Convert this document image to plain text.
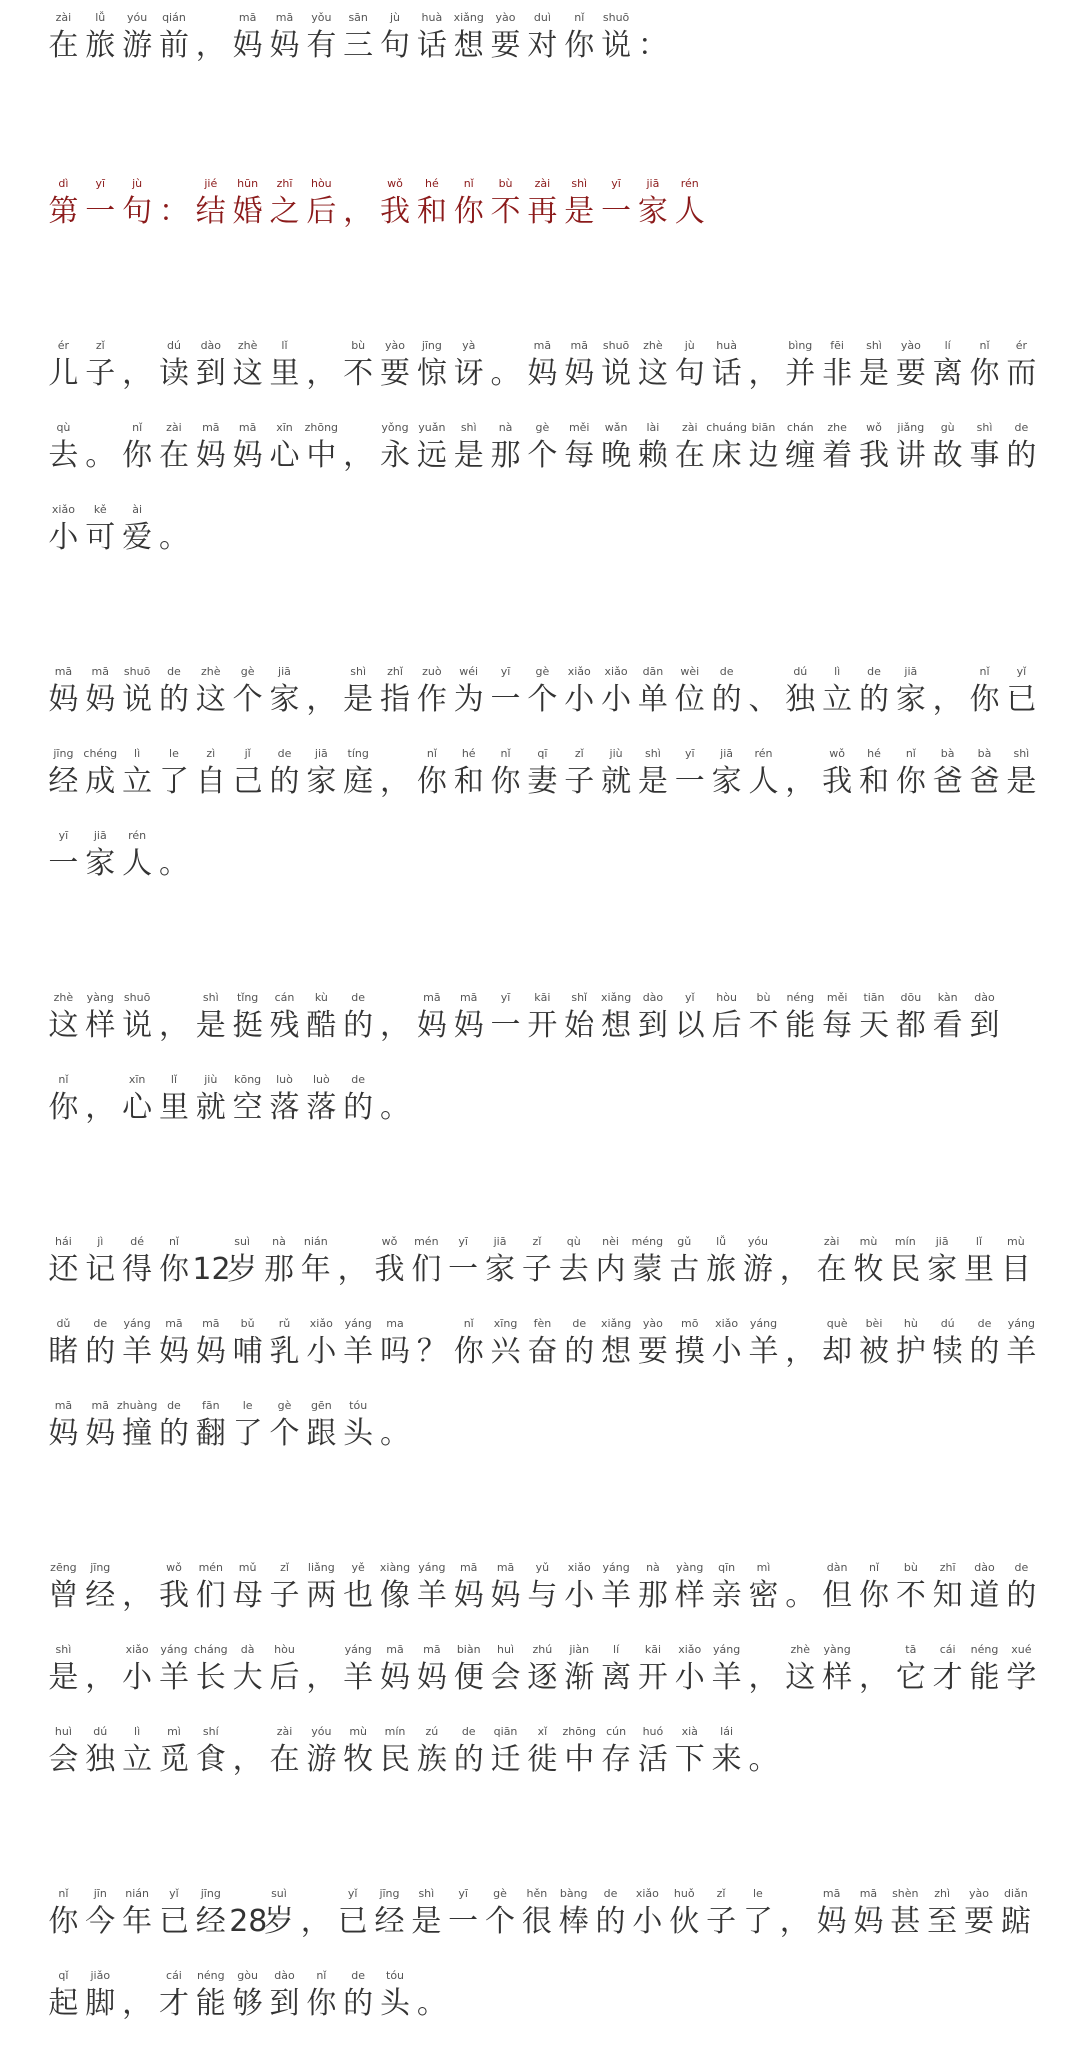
在
zài
旅
lǚ
游
yóu
前
qián
， 妈
mā
妈
mā
有
yǒu
三
sān
句
jù
话
huà
想
xiǎng
要
yào
对
duì
你
nǐ
说
shuō
：
第
dì
一
yī
句
jù
： 结
jié
婚
hūn
之
zhī
后
hòu
， 我
wǒ
和
hé
你
nǐ
不
bù
再
zài
是
shì
一
yī
家
jiā
人
rén
儿
ér
子
zǐ
， 读
dú
到
dào
这
zhè
里
lǐ
， 不
bù
要
yào
惊
jīng
讶
yà
。 妈
mā
妈
mā
说
shuō
这
zhè
句
jù
话
huà
， 并
bìng
非
fēi
是
shì
要
yào
离
lí
你
nǐ
而
ér
去
qù
。 你
nǐ
在
zài
妈
mā
妈
mā
心
xīn
中
zhōng
， 永
yǒng
远
yuǎn
是
shì
那
nà
个
gè
每
měi
晚
wǎn
赖
lài
在
zài
床
chuáng
边
biān
缠
chán
着
zhe
我
wǒ
讲
jiǎng
故
gù
事
shì
的
de
小
xiǎo
可
kě
爱
ài
。
妈
mā
妈
mā
说
shuō
的
de
这
zhè
个
gè
家
jiā
， 是
shì
指
zhǐ
作
zuò
为
wéi
一
yī
个
gè
小
xiǎo
小
xiǎo
单
dān
位
wèi
的
de
、 独
dú
立
lì
的
de
家
jiā
， 你
nǐ
已
yǐ
经
jīng
成
chéng
立
lì
了
le
自
zì
己
jǐ
的
de
家
jiā
庭
tíng
， 你
nǐ
和
hé
你
nǐ
妻
qī
子
zǐ
就
jiù
是
shì
一
yī
家
jiā
人
rén
， 我
wǒ
和
hé
你
nǐ
爸
bà
爸
bà
是
shì
一
yī
家
jiā
人
rén
。
这
zhè
样
yàng
说
shuō
， 是
shì
挺
tǐng
残
cán
酷
kù
的
de
， 妈
mā
妈
mā
一
yī
开
kāi
始
shǐ
想
xiǎng
到
dào
以
yǐ
后
hòu
不
bù
能
néng
每
měi
天
tiān
都
dōu
看
kàn
到
dào
你
nǐ
， 心
xīn
里
lǐ
就
jiù
空
kōng
落
luò
落
luò
的
de
。
还
hái
记
jì
得
dé
你
nǐ
12岁
suì
那
nà
年
nián
， 我
wǒ
们
mén
一
yī
家
jiā
子
zǐ
去
qù
内
nèi
蒙
méng
古
gǔ
旅
lǚ
游
yóu
， 在
zài
牧
mù
民
mín
家
jiā
里
lǐ
目
mù
睹
dǔ
的
de
羊
yáng
妈
mā
妈
mā
哺
bǔ
乳
rǔ
小
xiǎo
羊
yáng
吗
ma
？ 你
nǐ
兴
xīng
奋
fèn
的
de
想
xiǎng
要
yào
摸
mō
小
xiǎo
羊
yáng
， 却
què
被
bèi
护
hù
犊
dú
的
de
羊
yáng
妈
mā
妈
mā
撞
zhuàng
的
de
翻
fān
了
le
个
gè
跟
gēn
头
tóu
。
曾
zēng
经
jīng
， 我
wǒ
们
mén
母
mǔ
子
zǐ
两
liǎng
也
yě
像
xiàng
羊
yáng
妈
mā
妈
mā
与
yǔ
小
xiǎo
羊
yáng
那
nà
样
yàng
亲
qīn
密
mì
。 但
dàn
你
nǐ
不
bù
知
zhī
道
dào
的
de
是
shì
， 小
xiǎo
羊
yáng
长
cháng
大
dà
后
hòu
， 羊
yáng
妈
mā
妈
mā
便
biàn
会
huì
逐
zhú
渐
jiàn
离
lí
开
kāi
小
xiǎo
羊
yáng
， 这
zhè
样
yàng
， 它
tā
才
cái
能
néng
学
xué
会
huì
独
dú
立
lì
觅
mì
食
shí
， 在
zài
游
yóu
牧
mù
民
mín
族
zú
的
de
迁
qiān
徙
xǐ
中
zhōng
存
cún
活
huó
下
xià
来
lái
。
你
nǐ
今
jīn
年
nián
已
yǐ
经
jīng
28岁
suì
， 已
yǐ
经
jīng
是
shì
一
yī
个
gè
很
hěn
棒
bàng
的
de
小
xiǎo
伙
huǒ
子
zǐ
了
le
， 妈
mā
妈
mā
甚
shèn
至
zhì
要
yào
踮
diǎn
起
qǐ
脚
jiǎo
， 才
cái
能
néng
够
gòu
到
dào
你
nǐ
的
de
头
tóu
。
